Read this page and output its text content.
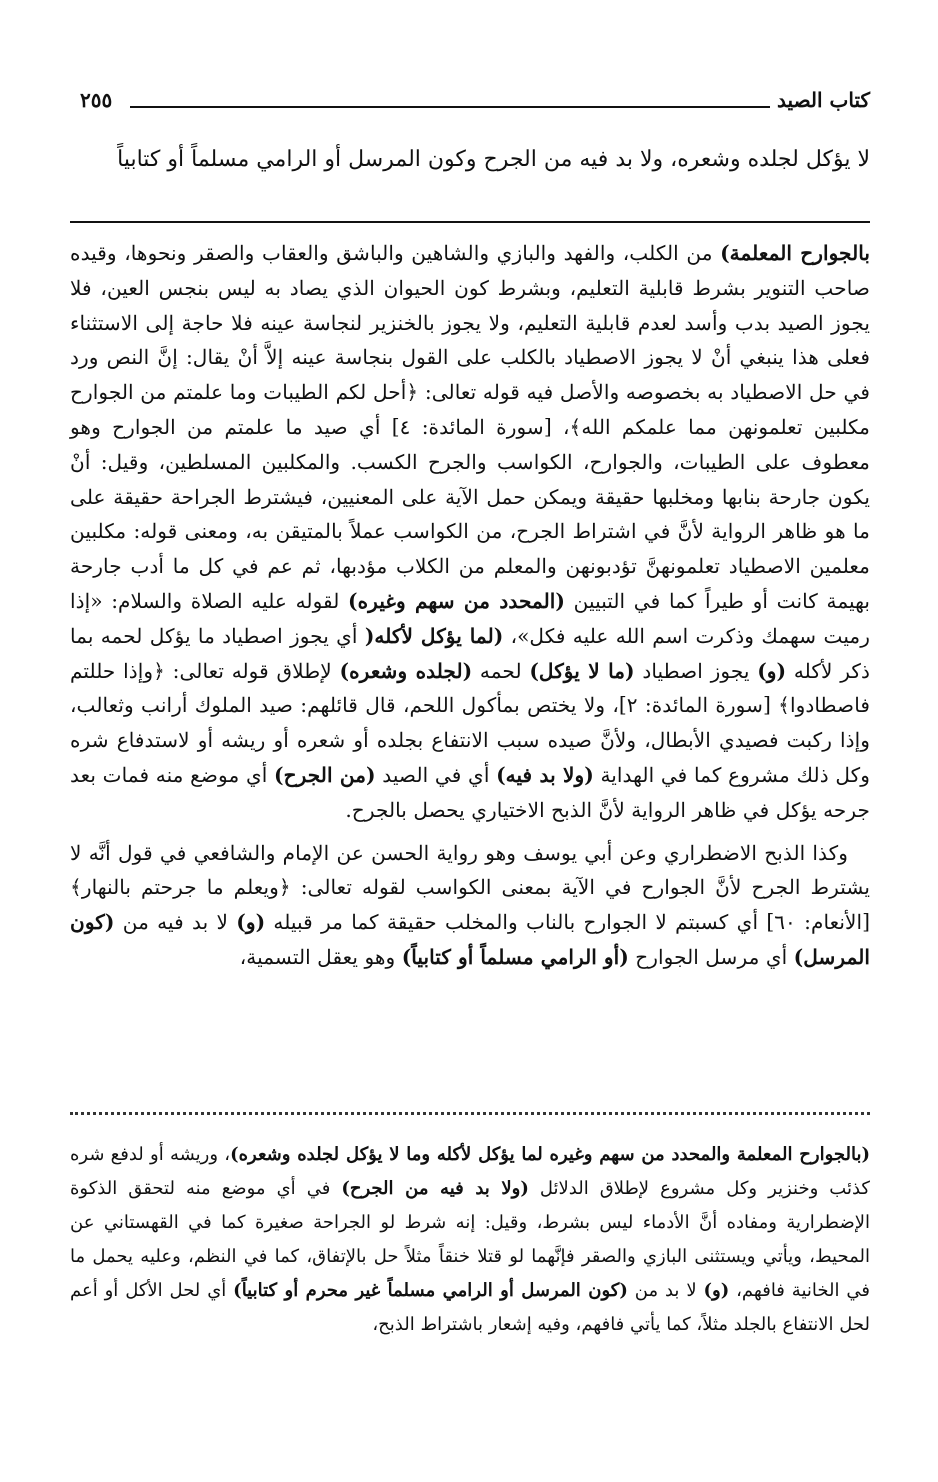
كتاب الصيد
٢٥٥
لا يؤكل لجلده وشعره، ولا بد فيه من الجرح وكون المرسل أو الرامي مسلماً أو كتابياً

بالجوارح المعلمة) من الكلب، والفهد والبازي والشاهين والباشق والعقاب والصقر ونحوها، وقيده صاحب التنوير بشرط قابلية التعليم، وبشرط كون الحيوان الذي يصاد به ليس بنجس العين، فلا يجوز الصيد بدب وأسد لعدم قابلية التعليم، ولا يجوز بالخنزير لنجاسة عينه فلا حاجة إلى الاستثناء فعلى هذا ينبغي أنْ لا يجوز الاصطياد بالكلب على القول بنجاسة عينه إلاَّ أنْ يقال: إنَّ النص ورد في حل الاصطياد به بخصوصه والأصل فيه قوله تعالى: ﴿أحل لكم الطيبات وما علمتم من الجوارح مكلبين تعلمونهن مما علمكم الله﴾، [سورة المائدة: ٤] أي صيد ما علمتم من الجوارح وهو معطوف على الطيبات، والجوارح، الكواسب والجرح الكسب. والمكلبين المسلطين، وقيل: أنْ يكون جارحة بنابها ومخلبها حقيقة ويمكن حمل الآية على المعنيين، فيشترط الجراحة حقيقة على ما هو ظاهر الرواية لأنَّ في اشتراط الجرح، من الكواسب عملاً بالمتيقن به، ومعنى قوله: مكلبين معلمين الاصطياد تعلمونهنَّ تؤدبونهن والمعلم من الكلاب مؤدبها، ثم عم في كل ما أدب جارحة بهيمة كانت أو طيراً كما في التبيين (المحدد من سهم وغيره) لقوله عليه الصلاة والسلام: «إذا رميت سهمك وذكرت اسم الله عليه فكل»، (لما يؤكل لأكله( أي يجوز اصطياد ما يؤكل لحمه بما ذكر لأكله (و) يجوز اصطياد (ما لا يؤكل) لحمه (لجلده وشعره) لإطلاق قوله تعالى: ﴿وإذا حللتم فاصطادوا﴾ [سورة المائدة: ٢]، ولا يختص بمأكول اللحم، قال قائلهم: صيد الملوك أرانب وثعالب، وإذا ركبت فصيدي الأبطال، ولأنَّ صيده سبب الانتفاع بجلده أو شعره أو ريشه أو لاستدفاع شره وكل ذلك مشروع كما في الهداية (ولا بد فيه) أي في الصيد (من الجرح) أي موضع منه فمات بعد جرحه يؤكل في ظاهر الرواية لأنَّ الذبح الاختياري يحصل بالجرح.

وكذا الذبح الاضطراري وعن أبي يوسف وهو رواية الحسن عن الإمام والشافعي في قول أنَّه لا يشترط الجرح لأنَّ الجوارح في الآية بمعنى الكواسب لقوله تعالى: ﴿ويعلم ما جرحتم بالنهار﴾ [الأنعام: ٦٠] أي كسبتم لا الجوارح بالناب والمخلب حقيقة كما مر قبيله (و) لا بد فيه من (كون المرسل) أي مرسل الجوارح (أو الرامي مسلماً أو كتابياً) وهو يعقل التسمية،

(بالجوارح المعلمة والمحدد من سهم وغيره لما يؤكل لأكله وما لا يؤكل لجلده وشعره)، وريشه أو لدفع شره كذئب وخنزير وكل مشروع لإطلاق الدلائل (ولا بد فيه من الجرح) في أي موضع منه لتحقق الذكوة الإضطرارية ومفاده أنَّ الأدماء ليس بشرط، وقيل: إنه شرط لو الجراحة صغيرة كما في القهستاني عن المحيط، ويأتي ويستثنى البازي والصقر فإنَّهما لو قتلا خنقاً مثلاً حل بالإتفاق، كما في النظم، وعليه يحمل ما في الخانية فافهم، (و) لا بد من (كون المرسل أو الرامي مسلماً غير محرم أو كتابياً) أي لحل الأكل أو أعم لحل الانتفاع بالجلد مثلاً، كما يأتي فافهم، وفيه إشعار باشتراط الذبح،
